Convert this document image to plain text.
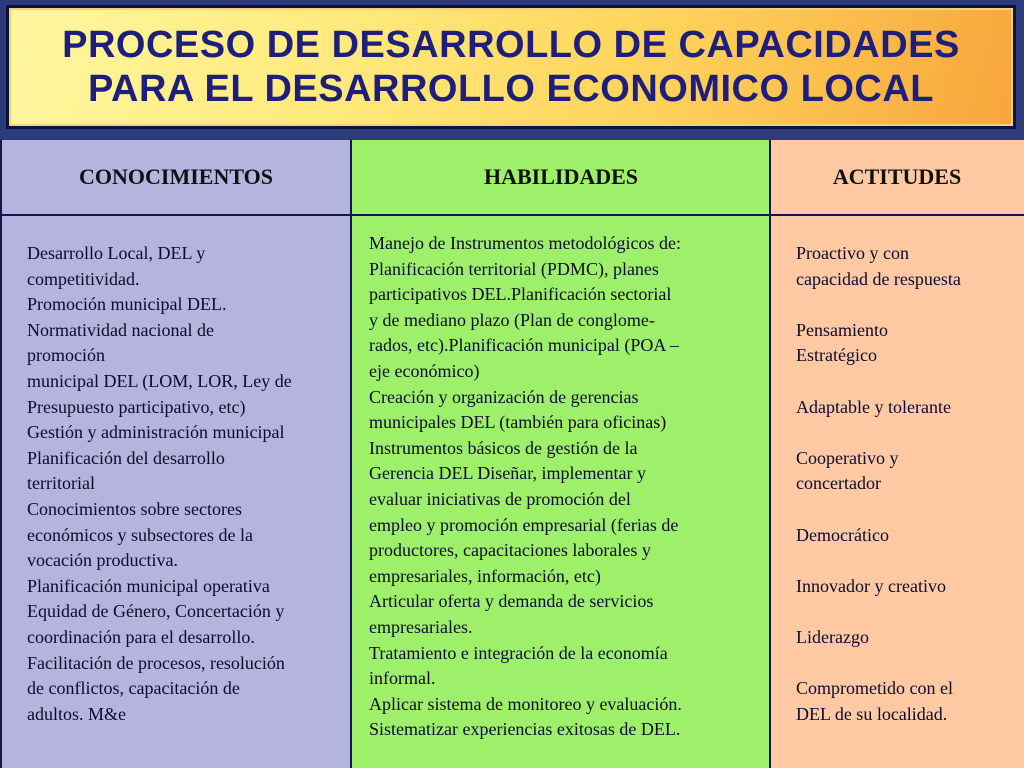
PROCESO DE DESARROLLO DE CAPACIDADES
PARA EL DESARROLLO ECONOMICO LOCAL
CONOCIMIENTOS	HABILIDADES	ACTITUDES
Desarrollo Local, DEL y
competitividad.
Promoción municipal DEL.
Normatividad nacional de
promoción
municipal DEL (LOM, LOR, Ley de
Presupuesto participativo, etc)
Gestión y administración municipal
Planificación del desarrollo
territorial
Conocimientos sobre sectores
económicos y subsectores de la
vocación productiva.
Planificación municipal operativa
Equidad de Género, Concertación y
coordinación para el desarrollo.
Facilitación de procesos, resolución
de conflictos, capacitación de
adultos. M&e
Manejo de Instrumentos metodológicos de:
Planificación territorial (PDMC), planes
participativos DEL.Planificación sectorial
y de mediano plazo (Plan de conglome-
rados, etc).Planificación municipal (POA –
eje económico)
Creación y organización de gerencias
municipales DEL (también para oficinas)
Instrumentos básicos de gestión de la
Gerencia DEL Diseñar, implementar y
evaluar iniciativas de promoción del
empleo y promoción empresarial (ferias de
productores, capacitaciones laborales y
empresariales, información, etc)
Articular oferta y demanda de servicios
empresariales.
Tratamiento e integración de la economía
informal.
Aplicar sistema de monitoreo y evaluación.
Sistematizar experiencias exitosas de DEL.
Proactivo y con
capacidad de respuesta
Pensamiento
Estratégico
Adaptable y tolerante
Cooperativo y
concertador
Democrático
Innovador y creativo
Liderazgo
Comprometido con el
DEL de su localidad.
